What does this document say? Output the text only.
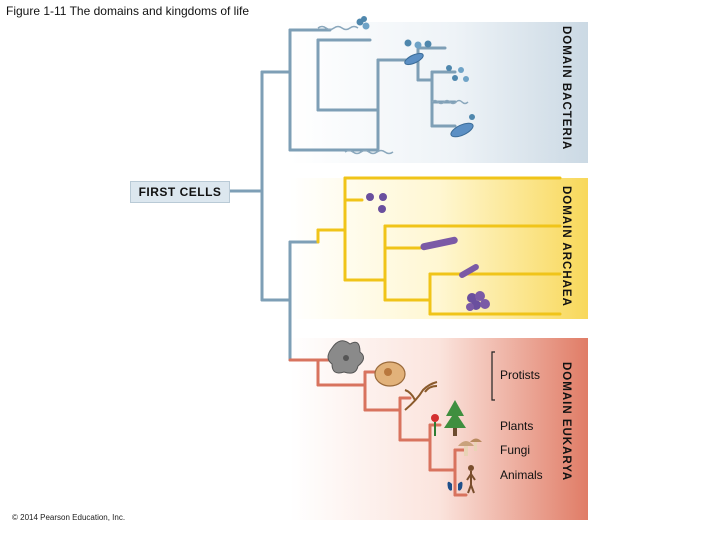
Figure 1-11 The domains and kingdoms of life
FIRST CELLS
DOMAIN BACTERIA
DOMAIN ARCHAEA
DOMAIN EUKARYA
Protists
Plants
Fungi
Animals
© 2014 Pearson Education, Inc.
